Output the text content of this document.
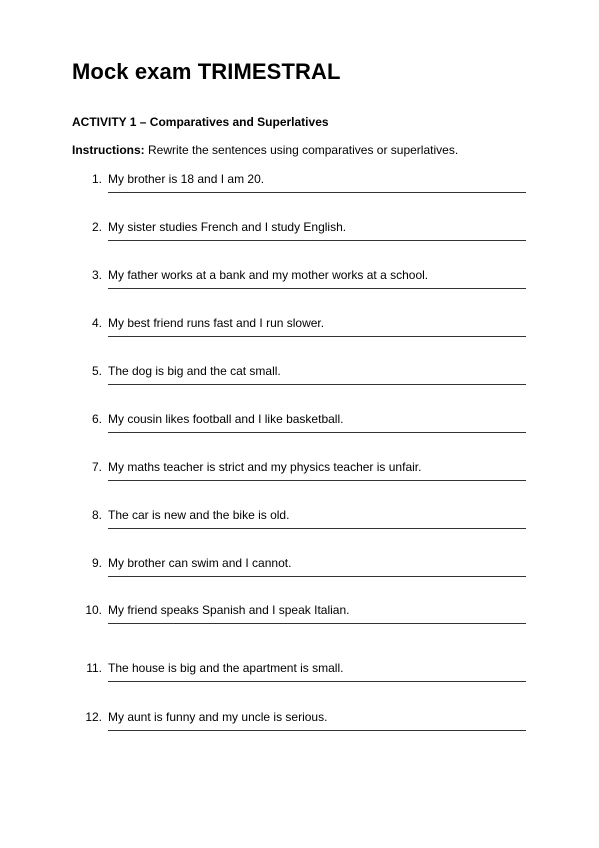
Mock exam TRIMESTRAL
ACTIVITY 1 – Comparatives and Superlatives
Instructions: Rewrite the sentences using comparatives or superlatives.
1. My brother is 18 and I am 20.
2. My sister studies French and I study English.
3. My father works at a bank and my mother works at a school.
4. My best friend runs fast and I run slower.
5. The dog is big and the cat small.
6. My cousin likes football and I like basketball.
7. My maths teacher is strict and my physics teacher is unfair.
8. The car is new and the bike is old.
9. My brother can swim and I cannot.
10. My friend speaks Spanish and I speak Italian.
11. The house is big and the apartment is small.
12. My aunt is funny and my uncle is serious.
